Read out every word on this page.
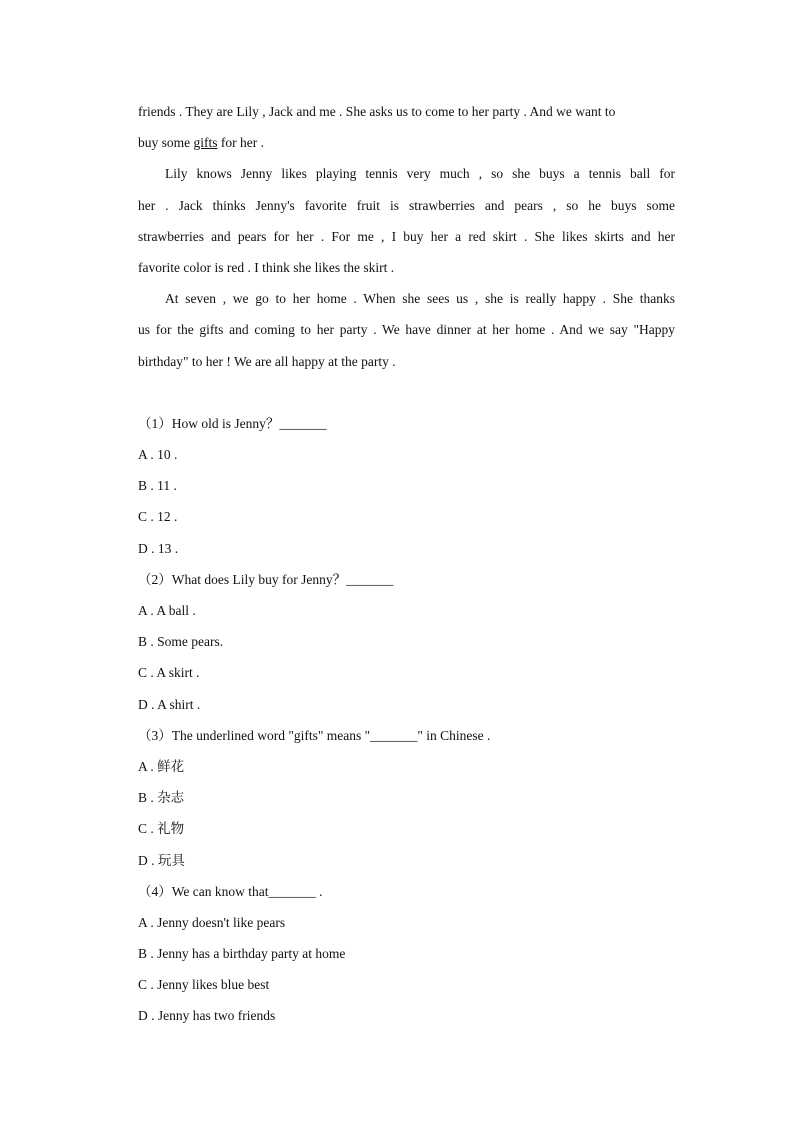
friends . They are Lily , Jack and me . She asks us to come to her party . And we want to
buy some gifts for her .
Lily knows Jenny likes playing tennis very much , so she buys a tennis ball for
her . Jack thinks Jenny's favorite fruit is strawberries and pears , so he buys some
strawberries and pears for her . For me , I buy her a red skirt . She likes skirts and her
favorite color is red . I think she likes the skirt .
At seven , we go to her home . When she sees us , she is really happy . She thanks
us for the gifts and coming to her party . We have dinner at her home . And we say "Happy
birthday" to her ! We are all happy at the party .
（1）How old is Jenny？_______
A . 10 .
B . 11 .
C . 12 .
D . 13 .
（2）What does Lily buy for Jenny？_______
A . A ball .
B . Some pears.
C . A skirt .
D . A shirt .
（3）The underlined word "gifts" means "_______" in Chinese .
A . 鲜花
B . 杂志
C . 礼物
D . 玩具
（4）We can know that_______ .
A . Jenny doesn't like pears
B . Jenny has a birthday party at home
C . Jenny likes blue best
D . Jenny has two friends
